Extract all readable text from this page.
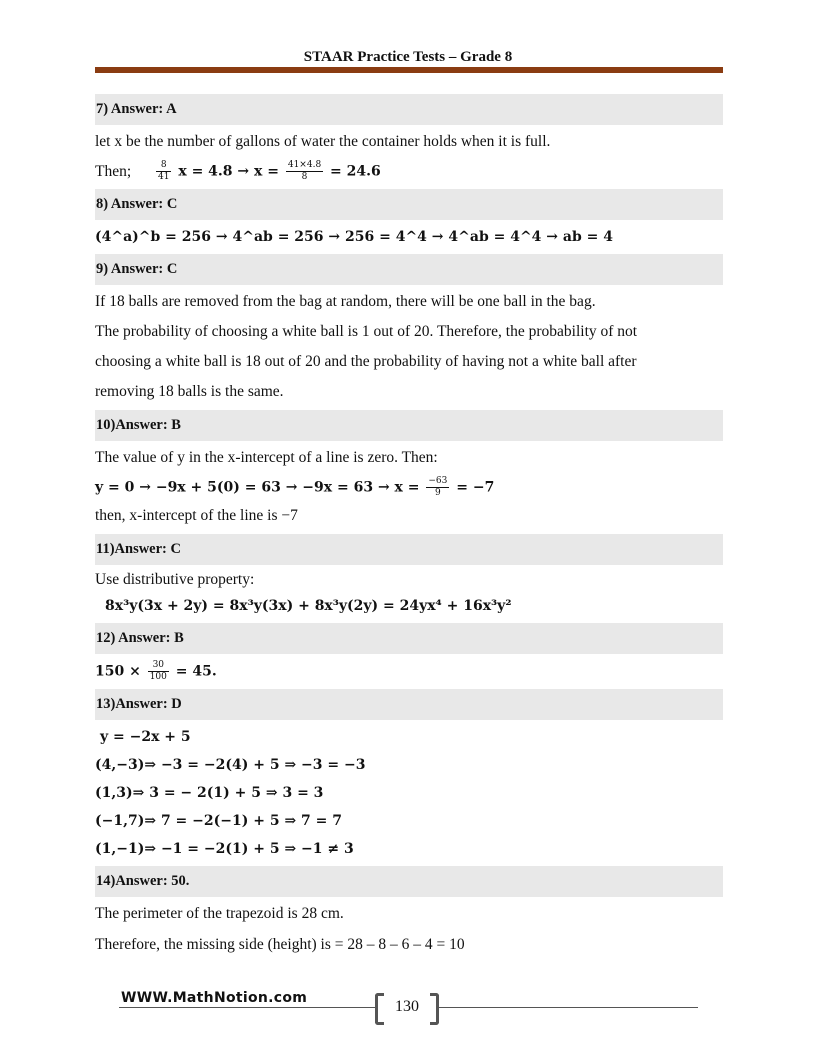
STAAR Practice Tests – Grade 8
7) Answer: A
let x be the number of gallons of water the container holds when it is full.
Then;	$\frac{8}{41}$ $x = 4.8 \to x = \frac{41\times 4.8}{8} = 24.6$
8) Answer: C
(4^a)^b = 256 → 4^ab = 256 → 256 = 4^4 → 4^ab = 4^4 → ab = 4
9) Answer: C
If 18 balls are removed from the bag at random, there will be one ball in the bag.
The probability of choosing a white ball is 1 out of 20. Therefore, the probability of not
choosing a white ball is 18 out of 20 and the probability of having not a white ball after
removing 18 balls is the same.
10)Answer: B
The value of y in the x-intercept of a line is zero. Then:
$y = 0 \to -9x + 5(0) = 63 \to -9x = 63 \to x = \frac{-63}{9} = -7$
then, x-intercept of the line is −7
11)Answer: C
Use distributive property:
8x³y(3x + 2y) = 8x³y(3x) + 8x³y(2y) = 24yx⁴ + 16x³y²
12) Answer: B
$150 \times \frac{30}{100} = 45$.
13)Answer: D
y = −2x + 5
(4,−3)⇒ −3 = −2(4) + 5 ⇒ −3 = −3
(1,3)⇒ 3 = − 2(1) + 5 ⇒ 3 = 3
(−1,7)⇒ 7 = −2(−1) + 5 ⇒ 7 = 7
(1,−1)⇒ −1 = −2(1) + 5 ⇒ −1 ≠ 3
14)Answer: 50.
The perimeter of the trapezoid is 28 cm.
Therefore, the missing side (height) is = 28 – 8 – 6 – 4 = 10
WWW.MathNotion.com	130
